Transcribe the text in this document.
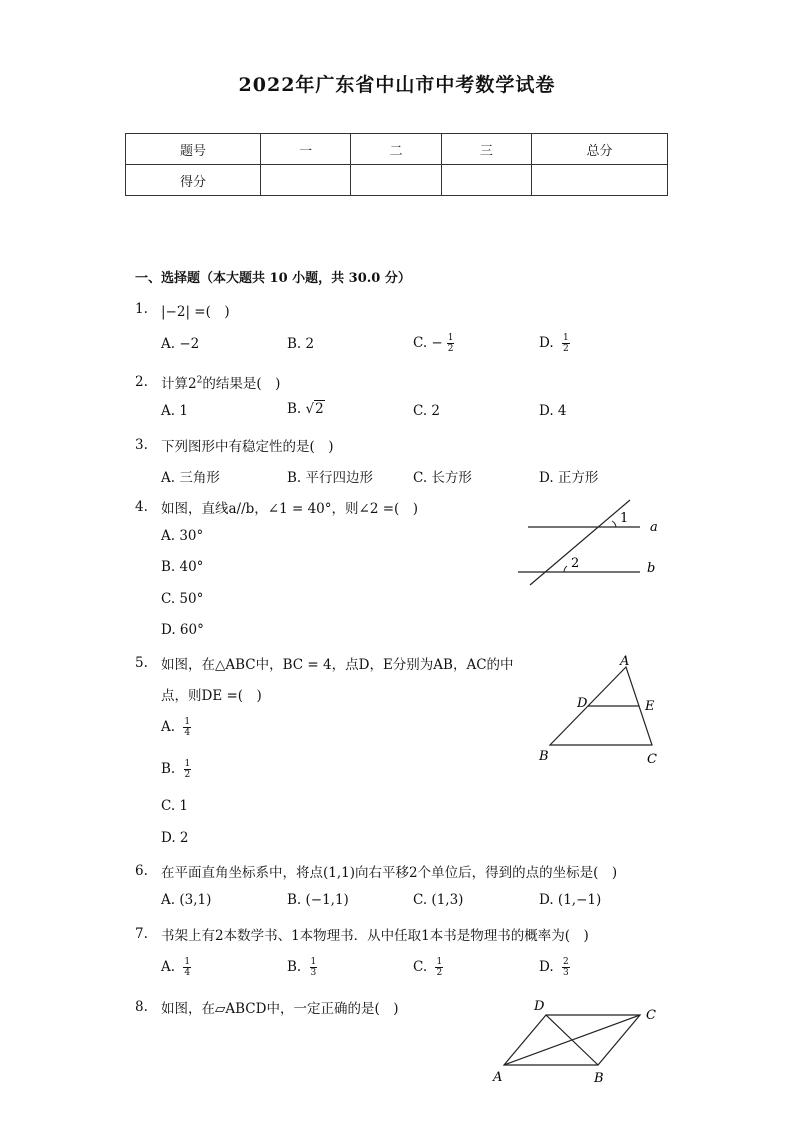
2022年广东省中山市中考数学试卷
题号	一	二	三	总分
得分				
一、选择题（本大题共 10 小题，共 30.0 分）
1. |−2| =(　)
A. −2	B. 2	C. − $\frac{1}{2}$	D. $\frac{1}{2}$
2. 计算$2^2$的结果是(　)
A. 1	B. √2	C. 2	D. 4
3. 下列图形中有稳定性的是(　)
A. 三角形	B. 平行四边形	C. 长方形	D. 正方形
4. 如图，直线a//b，∠1 = 40°，则∠2 =(　)
A. 30°
B. 40°
C. 50°
D. 60°
1
a
2	b
5. 如图，在△ABC中，BC = 4，点D，E分别为AB，AC的中
点，则DE =(　)
A. $\frac{1}{4}$
B. $\frac{1}{2}$
C. 1
D. 2
A
D	E
B	C
6. 在平面直角坐标系中，将点(1,1)向右平移2个单位后，得到的点的坐标是(　)
A. (3,1)	B. (−1,1)	C. (1,3)	D. (1,−1)
7. 书架上有2本数学书、1本物理书．从中任取1本书是物理书的概率为(　)
A. $\frac{1}{4}$	B. $\frac{1}{3}$	C. $\frac{1}{2}$	D. $\frac{2}{3}$
8. 如图，在▱ABCD中，一定正确的是(　)	D
C
A	B
